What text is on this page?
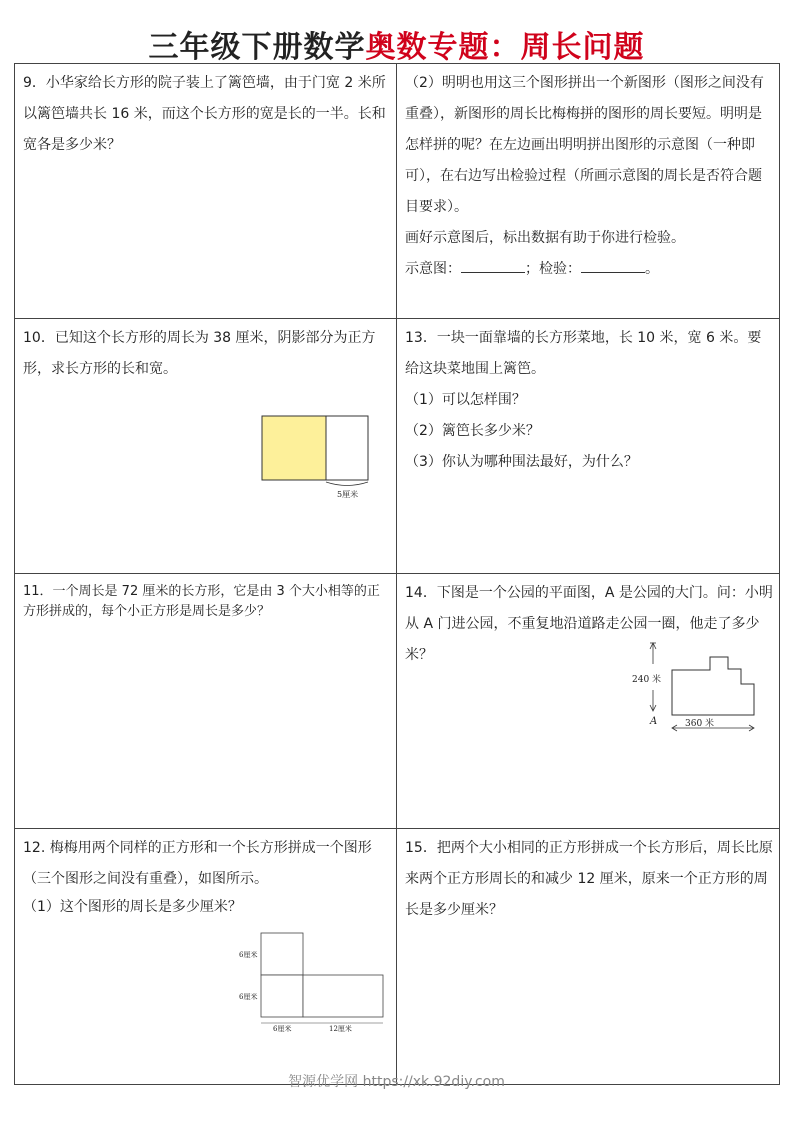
三年级下册数学奥数专题：周长问题

9．小华家给长方形的院子装上了篱笆墙，由于门宽 2 米所以篱笆墙共长 16 米，而这个长方形的宽是长的一半。长和宽各是多少米？

（2）明明也用这三个图形拼出一个新图形（图形之间没有重叠），新图形的周长比梅梅拼的图形的周长要短。明明是怎样拼的呢？在左边画出明明拼出图形的示意图（一种即可），在右边写出检验过程（所画示意图的周长是否符合题目要求）。

画好示意图后，标出数据有助于你进行检验。

示意图：	；检验：	。

10．已知这个长方形的周长为 38 厘米，阴影部分为正方形，求长方形的长和宽。

5厘米

13．一块一面靠墙的长方形菜地，长 10 米，宽 6 米。要给这块菜地围上篱笆。

（1）可以怎样围？

（2）篱笆长多少米？

（3）你认为哪种围法最好，为什么？

11．一个周长是 72 厘米的长方形，它是由 3 个大小相等的正方形拼成的，每个小正方形是周长是多少？

14．下图是一个公园的平面图，A 是公园的大门。问：小明从 A 门进公园，不重复地沿道路走公园一圈，他走了多少米？

240 米
A	360 米

12. 梅梅用两个同样的正方形和一个长方形拼成一个图形（三个图形之间没有重叠），如图所示。

（1）这个图形的周长是多少厘米？

6厘米
6厘米
6厘米	12厘米

15．把两个大小相同的正方形拼成一个长方形后，周长比原来两个正方形周长的和减少 12 厘米，原来一个正方形的周长是多少厘米？

智源优学网 https://xk.92diy.com
